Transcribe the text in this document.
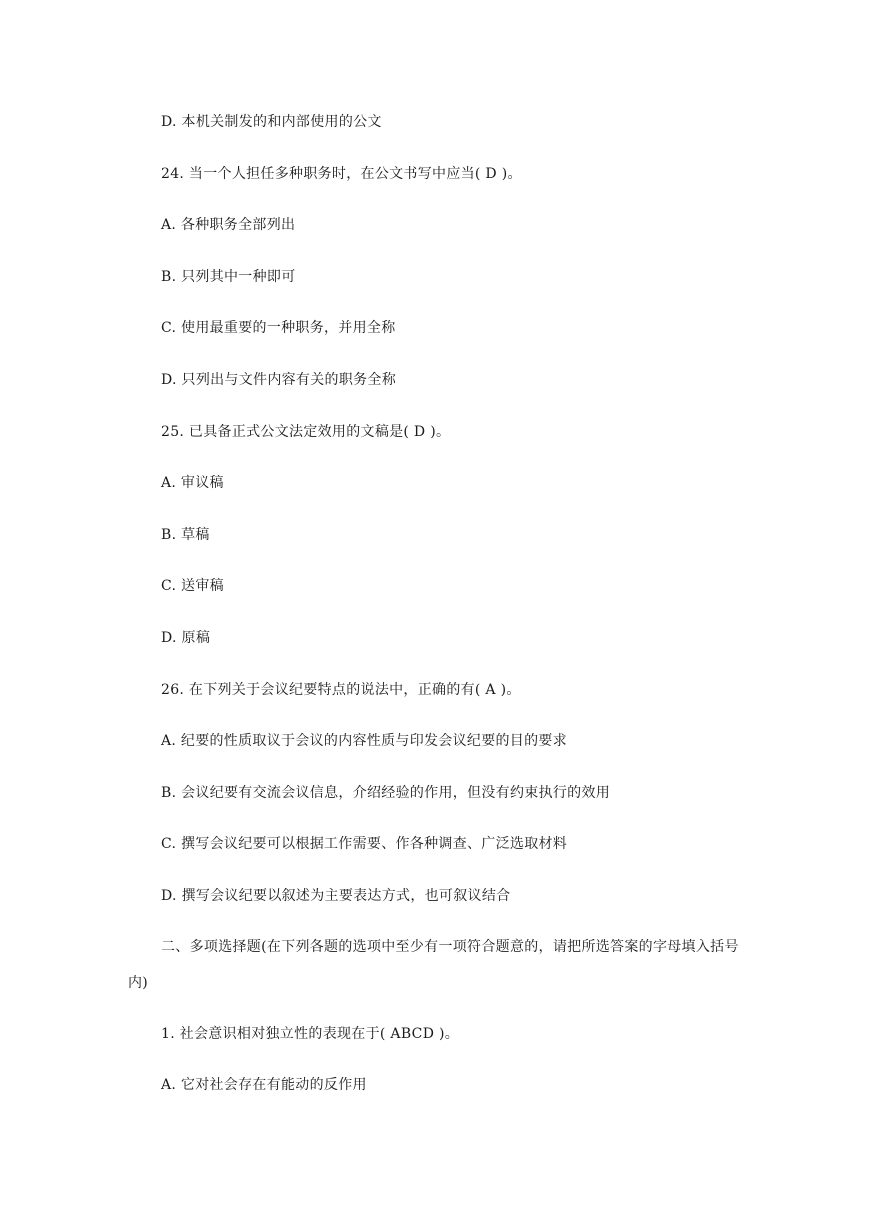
D. 本机关制发的和内部使用的公文
24. 当一个人担任多种职务时，在公文书写中应当( D )。
A. 各种职务全部列出
B. 只列其中一种即可
C. 使用最重要的一种职务，并用全称
D. 只列出与文件内容有关的职务全称
25. 已具备正式公文法定效用的文稿是( D )。
A. 审议稿
B. 草稿
C. 送审稿
D. 原稿
26. 在下列关于会议纪要特点的说法中，正确的有( A )。
A. 纪要的性质取议于会议的内容性质与印发会议纪要的目的要求
B. 会议纪要有交流会议信息，介绍经验的作用，但没有约束执行的效用
C. 撰写会议纪要可以根据工作需要、作各种调查、广泛选取材料
D. 撰写会议纪要以叙述为主要表达方式，也可叙议结合
二、多项选择题(在下列各题的选项中至少有一项符合题意的，请把所选答案的字母填入括号内)
1. 社会意识相对独立性的表现在于( ABCD )。
A. 它对社会存在有能动的反作用
